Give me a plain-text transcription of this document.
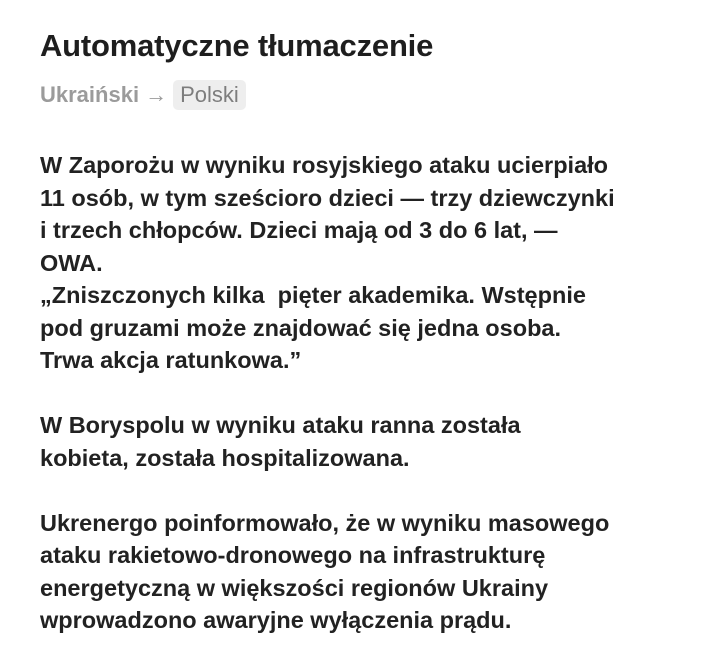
Automatyczne tłumaczenie
Ukraiński → Polski

W Zaporożu w wyniku rosyjskiego ataku ucierpiało
11 osób, w tym sześcioro dzieci — trzy dziewczynki
i trzech chłopców. Dzieci mają od 3 do 6 lat, —
OWA.
„Zniszczonych kilka  pięter akademika. Wstępnie
pod gruzami może znajdować się jedna osoba.
Trwa akcja ratunkowa.”

W Boryspolu w wyniku ataku ranna została
kobieta, została hospitalizowana.

Ukrenergo poinformowało, że w wyniku masowego
ataku rakietowo-dronowego na infrastrukturę
energetyczną w większości regionów Ukrainy
wprowadzono awaryjne wyłączenia prądu.
